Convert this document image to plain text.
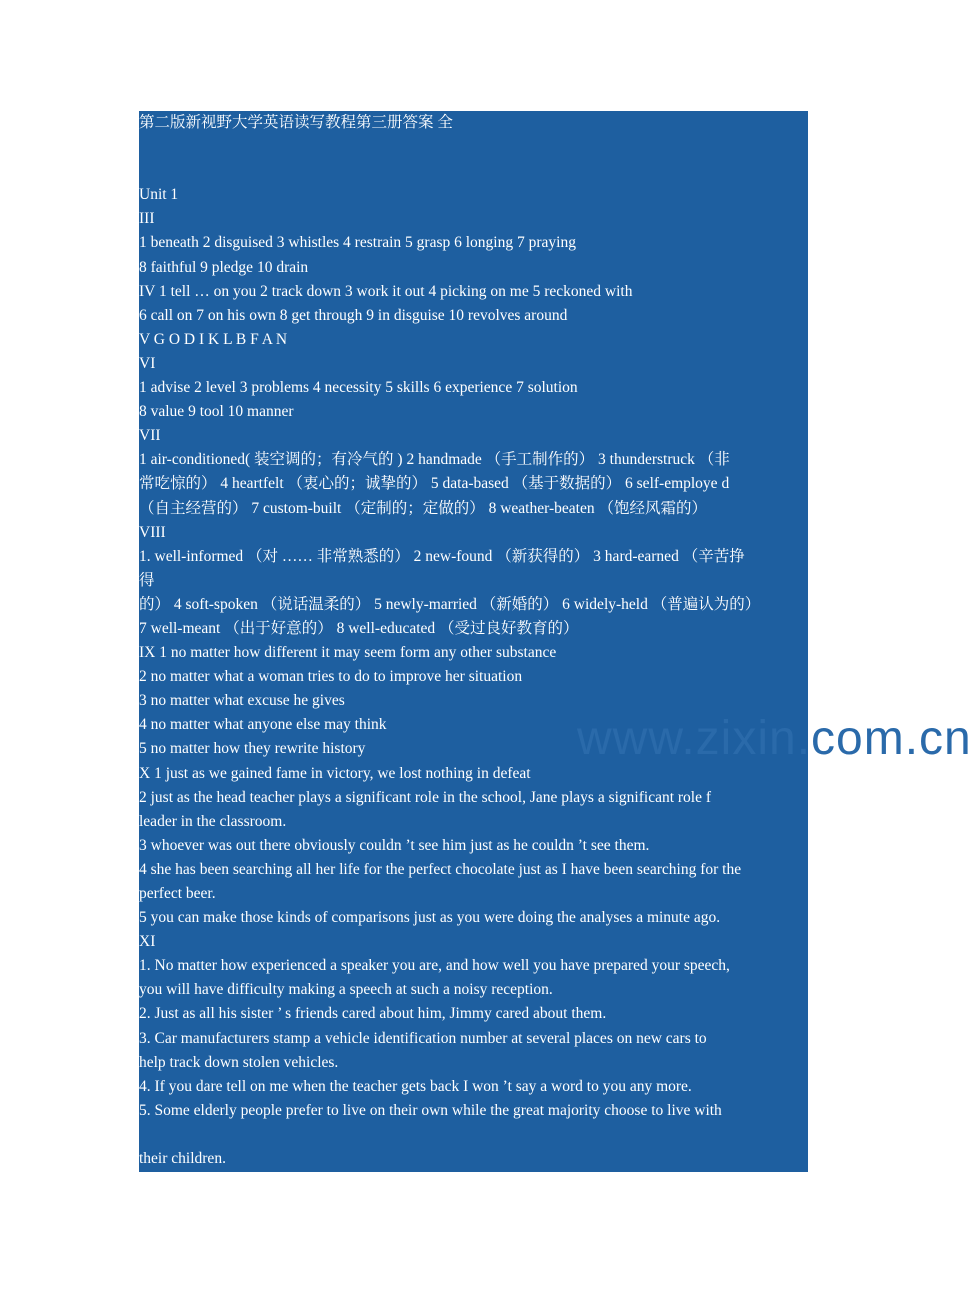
www.zixin.com.cn
第二版新视野大学英语读写教程第三册答案 全
Unit 1
III
1 beneath 2 disguised 3 whistles 4 restrain 5 grasp 6 longing 7 praying
8 faithful 9 pledge 10 drain
IV 1 tell … on you 2 track down 3 work it out 4 picking on me 5 reckoned with
6 call on 7 on his own 8 get through 9 in disguise 10 revolves around
V G O D I K L B F A N
VI
1 advise 2 level 3 problems 4 necessity 5 skills 6 experience 7 solution
8 value 9 tool 10 manner
VII
1 air-conditioned( 装空调的；有冷气的 ) 2 handmade （手工制作的） 3 thunderstruck （非
常吃惊的） 4 heartfelt （衷心的；诚挚的） 5 data-based （基于数据的） 6 self-employe d
（自主经营的） 7 custom-built （定制的；定做的） 8 weather-beaten （饱经风霜的）
VIII
1. well-informed （对 …… 非常熟悉的） 2 new-found （新获得的） 3 hard-earned （辛苦挣
得
的） 4 soft-spoken （说话温柔的） 5 newly-married （新婚的） 6 widely-held （普遍认为的）
7 well-meant （出于好意的） 8 well-educated （受过良好教育的）
IX 1 no matter how different it may seem form any other substance
2 no matter what a woman tries to do to improve her situation
3 no matter what excuse he gives
4 no matter what anyone else may think
5 no matter how they rewrite history
X 1 just as we gained fame in victory, we lost nothing in defeat
2 just as the head teacher plays a significant role in the school, Jane plays a significant role f
leader in the classroom.
3 whoever was out there obviously couldn ’t see him just as he couldn ’t see them.
4 she has been searching all her life for the perfect chocolate just as I have been searching for the
perfect beer.
5 you can make those kinds of comparisons just as you were doing the analyses a minute ago.
XI
1. No matter how experienced a speaker you are, and how well you have prepared your speech,
you will have difficulty making a speech at such a noisy reception.
2. Just as all his sister ’ s friends cared about him, Jimmy cared about them.
3. Car manufacturers stamp a vehicle identification number at several places on new cars to
help track down stolen vehicles.
4. If you dare tell on me when the teacher gets back I won ’t say a word to you any more.
5. Some elderly people prefer to live on their own while the great majority choose to live with
their children.
